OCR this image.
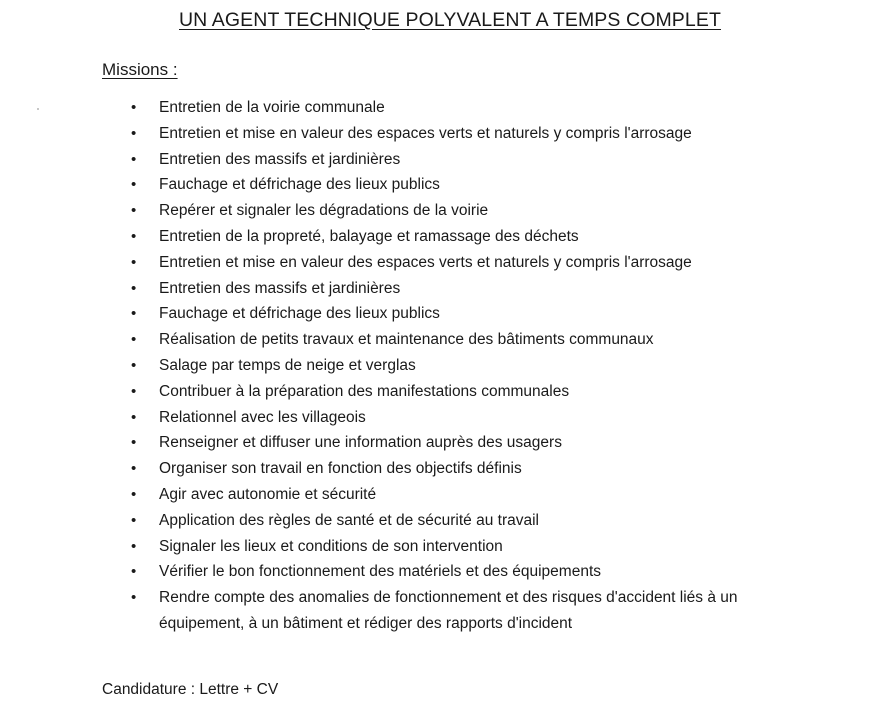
UN AGENT TECHNIQUE POLYVALENT A TEMPS COMPLET
Missions :
• Entretien de la voirie communale
• Entretien et mise en valeur des espaces verts et naturels y compris l'arrosage
• Entretien des massifs et jardinières
• Fauchage et défrichage des lieux publics
• Repérer et signaler les dégradations de la voirie
• Entretien de la propreté, balayage et ramassage des déchets
• Entretien et mise en valeur des espaces verts et naturels y compris l'arrosage
• Entretien des massifs et jardinières
• Fauchage et défrichage des lieux publics
• Réalisation de petits travaux et maintenance des bâtiments communaux
• Salage par temps de neige et verglas
• Contribuer à la préparation des manifestations communales
• Relationnel avec les villageois
• Renseigner et diffuser une information auprès des usagers
• Organiser son travail en fonction des objectifs définis
• Agir avec autonomie et sécurité
• Application des règles de santé et de sécurité au travail
• Signaler les lieux et conditions de son intervention
• Vérifier le bon fonctionnement des matériels et des équipements
• Rendre compte des anomalies de fonctionnement et des risques d'accident liés à un équipement, à un bâtiment et rédiger des rapports d'incident
Candidature : Lettre + CV
